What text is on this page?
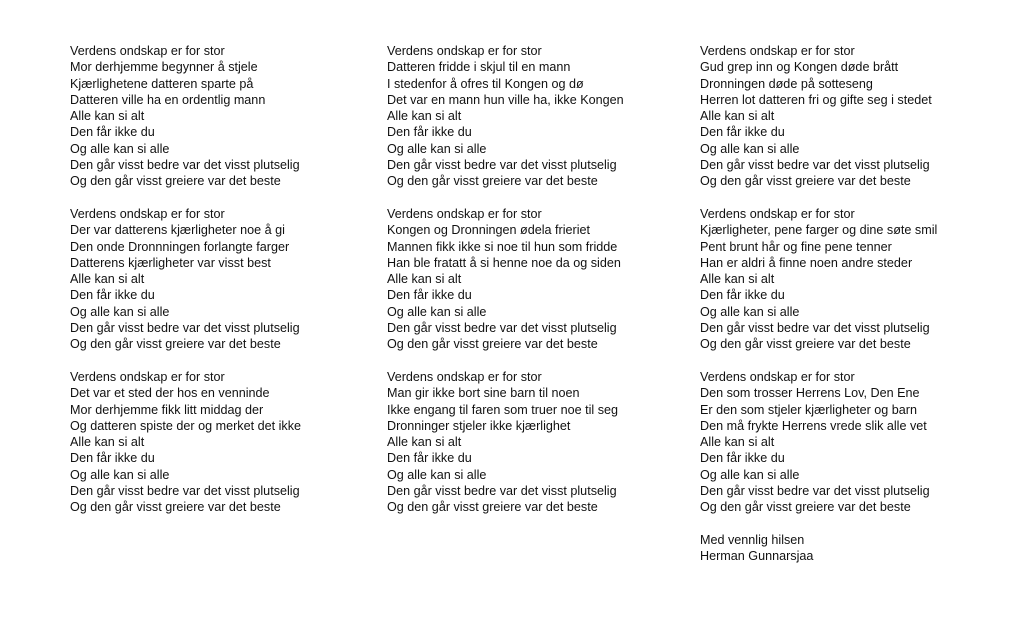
Verdens ondskap er for stor
Mor derhjemme begynner å stjele
Kjærlighetene datteren sparte på
Datteren ville ha en ordentlig mann
Alle kan si alt
Den får ikke du
Og alle kan si alle
Den går visst bedre var det visst plutselig
Og den går visst greiere var det beste
Verdens ondskap er for stor
Der var datterens kjærligheter noe å gi
Den onde Dronnningen forlangte farger
Datterens kjærligheter var visst best
Alle kan si alt
Den får ikke du
Og alle kan si alle
Den går visst bedre var det visst plutselig
Og den går visst greiere var det beste
Verdens ondskap er for stor
Det var et sted der hos en venninde
Mor derhjemme fikk litt middag der
Og datteren spiste der og merket det ikke
Alle kan si alt
Den får ikke du
Og alle kan si alle
Den går visst bedre var det visst plutselig
Og den går visst greiere var det beste
Verdens ondskap er for stor
Datteren fridde i skjul til en mann
I stedenfor å ofres til Kongen og dø
Det var en mann hun ville ha, ikke Kongen
Alle kan si alt
Den får ikke du
Og alle kan si alle
Den går visst bedre var det visst plutselig
Og den går visst greiere var det beste
Verdens ondskap er for stor
Kongen og Dronningen ødela frieriet
Mannen fikk ikke si noe til hun som fridde
Han ble fratatt å si henne noe da og siden
Alle kan si alt
Den får ikke du
Og alle kan si alle
Den går visst bedre var det visst plutselig
Og den går visst greiere var det beste
Verdens ondskap er for stor
Man gir ikke bort sine barn til noen
Ikke engang til faren som truer noe til seg
Dronninger stjeler ikke kjærlighet
Alle kan si alt
Den får ikke du
Og alle kan si alle
Den går visst bedre var det visst plutselig
Og den går visst greiere var det beste
Verdens ondskap er for stor
Gud grep inn og Kongen døde brått
Dronningen døde på sotteseng
Herren lot datteren fri og gifte seg i stedet
Alle kan si alt
Den får ikke du
Og alle kan si alle
Den går visst bedre var det visst plutselig
Og den går visst greiere var det beste
Verdens ondskap er for stor
Kjærligheter, pene farger og dine søte smil
Pent brunt hår og fine pene tenner
Han er aldri å finne noen andre steder
Alle kan si alt
Den får ikke du
Og alle kan si alle
Den går visst bedre var det visst plutselig
Og den går visst greiere var det beste
Verdens ondskap er for stor
Den som trosser Herrens Lov, Den Ene
Er den som stjeler kjærligheter og barn
Den må frykte Herrens vrede slik alle vet
Alle kan si alt
Den får ikke du
Og alle kan si alle
Den går visst bedre var det visst plutselig
Og den går visst greiere var det beste
Med vennlig hilsen
Herman Gunnarsjaa
